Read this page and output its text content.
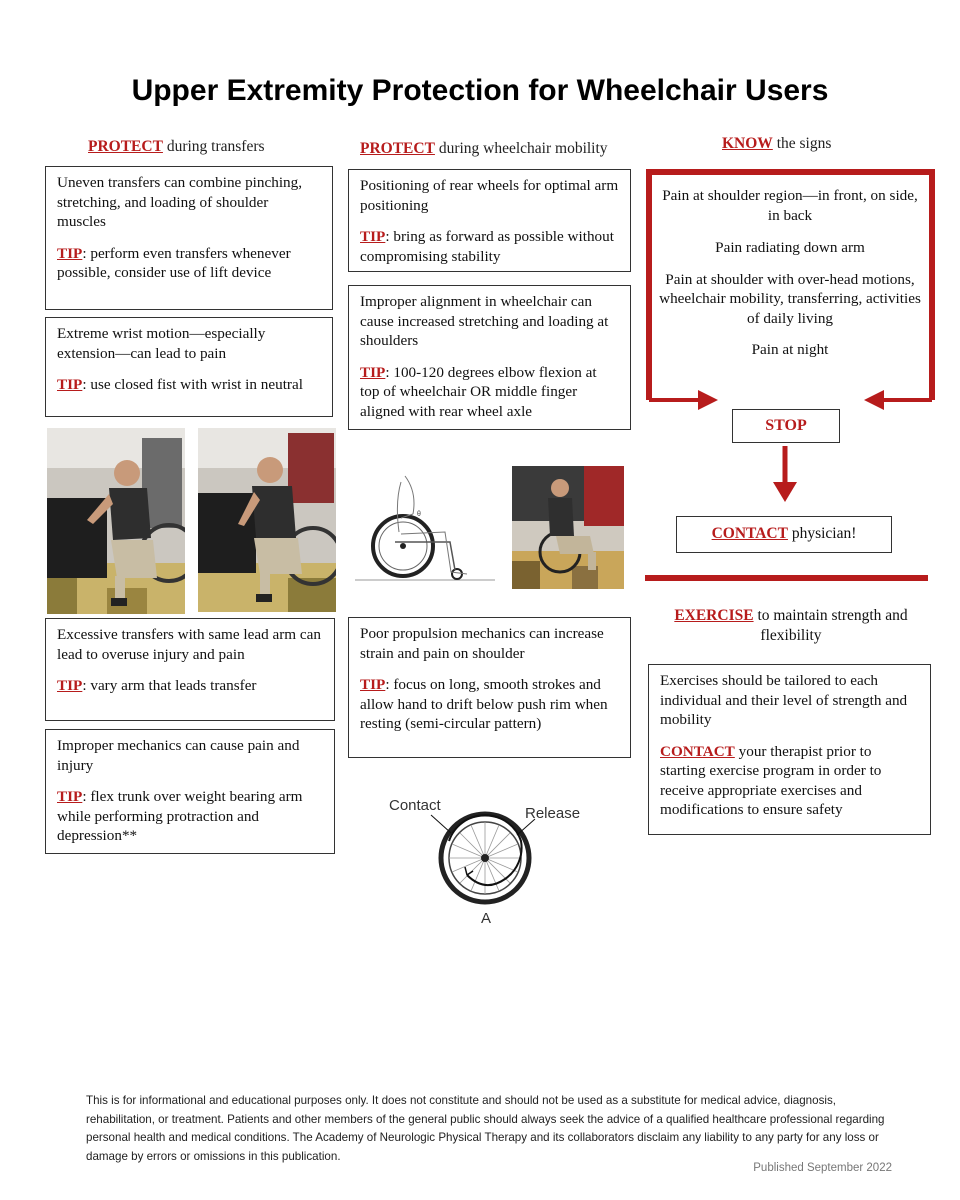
Upper Extremity Protection for Wheelchair Users
PROTECT during transfers

Uneven transfers can combine pinching, stretching, and loading of shoulder muscles

TIP: perform even transfers whenever possible, consider use of lift device

Extreme wrist motion—especially extension—can lead to pain

TIP: use closed fist with wrist in neutral

Excessive transfers with same lead arm can lead to overuse injury and pain

TIP: vary arm that leads transfer

Improper mechanics can cause pain and injury

TIP: flex trunk over weight bearing arm while performing protraction and depression**

PROTECT during wheelchair mobility

Positioning of rear wheels for optimal arm positioning

TIP: bring as forward as possible without compromising stability

Improper alignment in wheelchair can cause increased stretching and loading at shoulders

TIP: 100-120 degrees elbow flexion at top of wheelchair OR middle finger aligned with rear wheel axle

θ

Poor propulsion mechanics can increase strain and pain on shoulder

TIP: focus on long, smooth strokes and allow hand to drift below push rim when resting (semi-circular pattern)

Contact	Release
A
KNOW the signs

Pain at shoulder region—in front, on side, in back

Pain radiating down arm

Pain at shoulder with over-head motions, wheelchair mobility, transferring, activities of daily living

Pain at night

STOP
CONTACT physician!
EXERCISE to maintain strength and flexibility

Exercises should be tailored to each individual and their level of strength and mobility

CONTACT your therapist prior to starting exercise program in order to receive appropriate exercises and modifications to ensure safety

This is for informational and educational purposes only. It does not constitute and should not be used as a substitute for medical advice, diagnosis, rehabilitation, or treatment. Patients and other members of the general public should always seek the advice of a qualified healthcare professional regarding personal health and medical conditions. The Academy of Neurologic Physical Therapy and its collaborators disclaim any liability to any party for any loss or damage by errors or omissions in this publication.
Published September 2022
